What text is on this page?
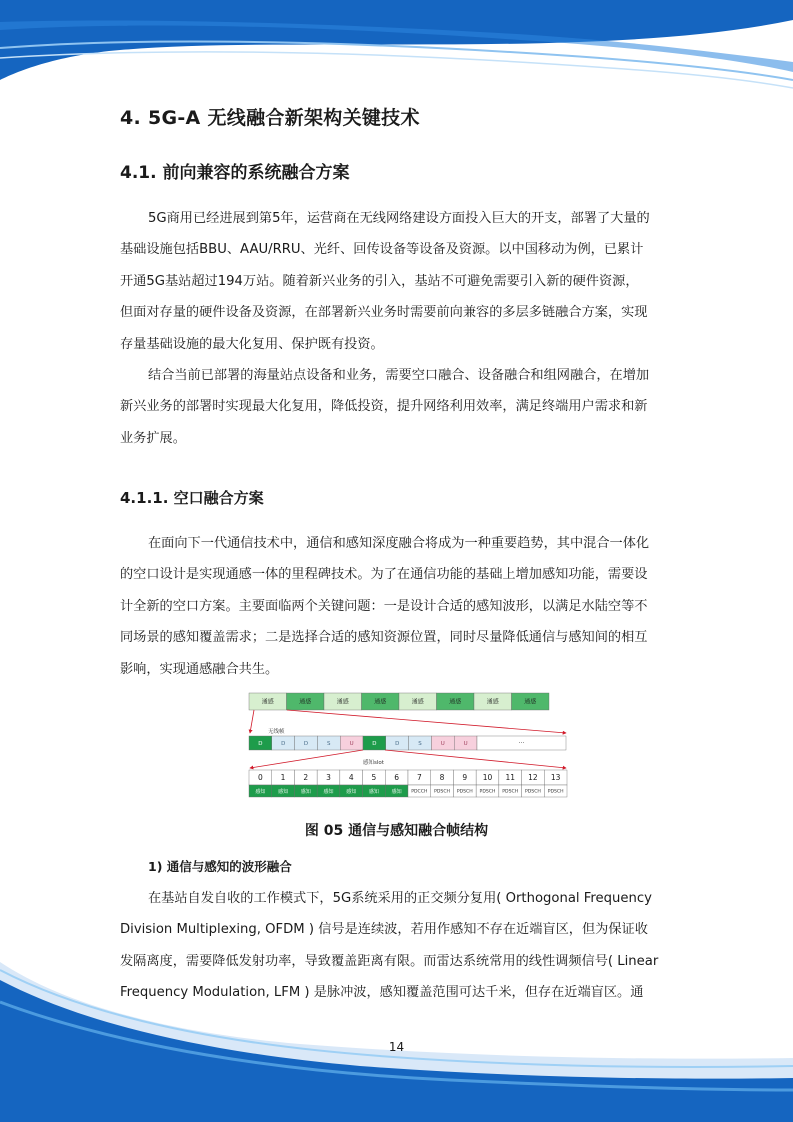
4. 5G-A 无线融合新架构关键技术
4.1. 前向兼容的系统融合方案
5G商用已经进展到第5年，运营商在无线网络建设方面投入巨大的开支，部署了大量的
基础设施包括BBU、AAU/RRU、光纤、回传设备等设备及资源。以中国移动为例，已累计
开通5G基站超过194万站。随着新兴业务的引入，基站不可避免需要引入新的硬件资源，
但面对存量的硬件设备及资源，在部署新兴业务时需要前向兼容的多层多链融合方案，实现
存量基础设施的最大化复用、保护既有投资。
结合当前已部署的海量站点设备和业务，需要空口融合、设备融合和组网融合，在增加
新兴业务的部署时实现最大化复用，降低投资，提升网络利用效率，满足终端用户需求和新
业务扩展。
4.1.1. 空口融合方案
在面向下一代通信技术中，通信和感知深度融合将成为一种重要趋势，其中混合一体化
的空口设计是实现通感一体的里程碑技术。为了在通信功能的基础上增加感知功能，需要设
计全新的空口方案。主要面临两个关键问题：一是设计合适的感知波形，以满足水陆空等不
同场景的感知覆盖需求；二是选择合适的感知资源位置，同时尽量降低通信与感知间的相互
影响，实现通感融合共生。
通感	通感	通感	通感	通感	通感	通感	通感
无线帧
D	D	D	S	U	D	D	S	U	U	···
感知slot
0 1 2 3 4 5 6 7 8 9 10 11 12 13
感知	感知	感知	感知	感知	感知	感知 PDCCH PDSCH PDSCH PDSCH PDSCH PDSCH PDSCH
图 05 通信与感知融合帧结构
1) 通信与感知的波形融合
在基站自发自收的工作模式下，5G系统采用的正交频分复用( Orthogonal Frequency
Division Multiplexing, OFDM ) 信号是连续波，若用作感知不存在近端盲区，但为保证收
发隔离度，需要降低发射功率，导致覆盖距离有限。而雷达系统常用的线性调频信号( Linear
Frequency Modulation, LFM ) 是脉冲波，感知覆盖范围可达千米，但存在近端盲区。通
14
